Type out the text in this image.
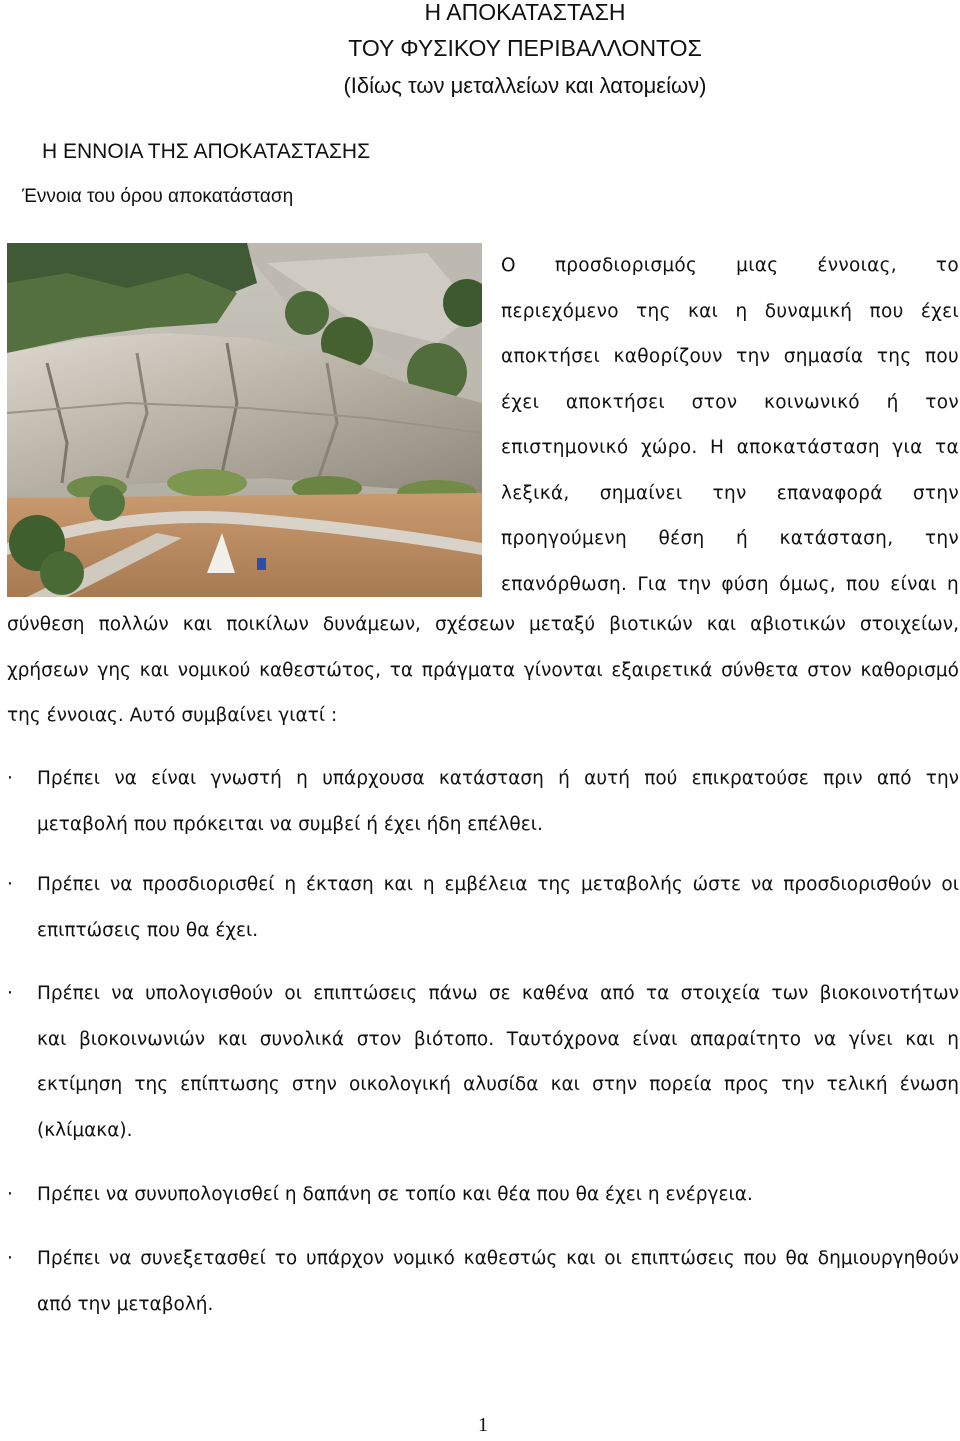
Η ΑΠΟΚΑΤΑΣΤΑΣΗ
ΤΟΥ ΦΥΣΙΚΟΥ ΠΕΡΙΒΑΛΛΟΝΤΟΣ
(Ιδίως των μεταλλείων και λατομείων)
Η ΕΝΝΟΙΑ ΤΗΣ ΑΠΟΚΑΤΑΣΤΑΣΗΣ
Έννοια του όρου αποκατάσταση
Ο προσδιορισμός μιας έννοιας, το
περιεχόμενο της και η δυναμική που έχει
αποκτήσει καθορίζουν την σημασία της που
έχει αποκτήσει στον κοινωνικό ή τον
επιστημονικό χώρο. Η αποκατάσταση για τα
λεξικά, σημαίνει την επαναφορά στην
προηγούμενη θέση ή κατάσταση, την
επανόρθωση. Για την φύση όμως, που είναι η
σύνθεση πολλών και ποικίλων δυνάμεων, σχέσεων μεταξύ βιοτικών και αβιοτικών στοιχείων,
χρήσεων γης και νομικού καθεστώτος, τα πράγματα γίνονται εξαιρετικά σύνθετα στον καθορισμό
της έννοιας. Αυτό συμβαίνει γιατί :
· Πρέπει να είναι γνωστή η υπάρχουσα κατάσταση ή αυτή πού επικρατούσε πριν από την
μεταβολή που πρόκειται να συμβεί ή έχει ήδη επέλθει.
· Πρέπει να προσδιορισθεί η έκταση και η εμβέλεια της μεταβολής ώστε να προσδιορισθούν οι
επιπτώσεις που θα έχει.
· Πρέπει να υπολογισθούν οι επιπτώσεις πάνω σε καθένα από τα στοιχεία των βιοκοινοτήτων
και βιοκοινωνιών και συνολικά στον βιότοπο. Ταυτόχρονα είναι απαραίτητο να γίνει και η
εκτίμηση της επίπτωσης στην οικολογική αλυσίδα και στην πορεία προς την τελική ένωση
(κλίμακα).
· Πρέπει να συνυπολογισθεί η δαπάνη σε τοπίο και θέα που θα έχει η ενέργεια.
· Πρέπει να συνεξετασθεί το υπάρχον νομικό καθεστώς και οι επιπτώσεις που θα δημιουργηθούν
από την μεταβολή.
1
